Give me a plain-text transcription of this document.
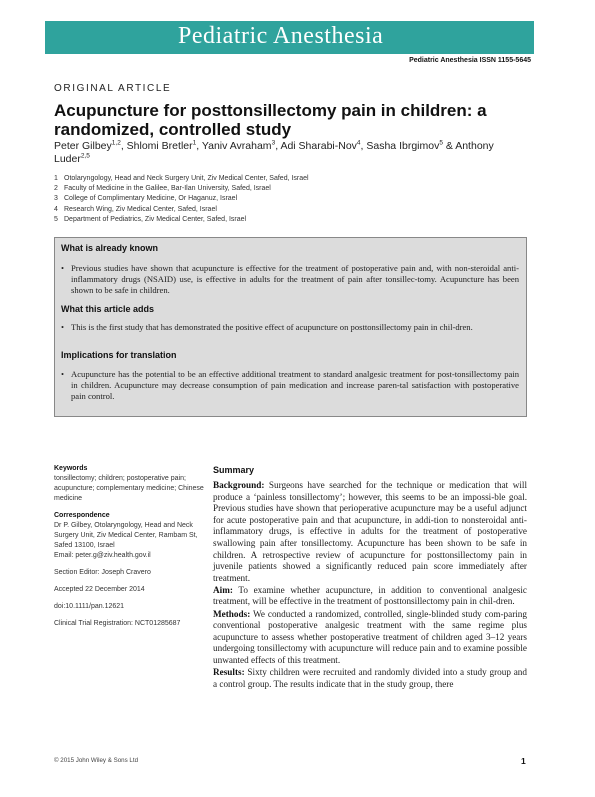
Pediatric Anesthesia
Pediatric Anesthesia ISSN 1155-5645
ORIGINAL ARTICLE
Acupuncture for posttonsillectomy pain in children: a randomized, controlled study
Peter Gilbey$^{1,2}$, Shlomi Bretler$^1$, Yaniv Avraham$^3$, Adi Sharabi-Nov$^4$, Sasha Ibrgimov$^5$ & Anthony Luder$^{2,5}$
1 Otolaryngology, Head and Neck Surgery Unit, Ziv Medical Center, Safed, Israel
2 Faculty of Medicine in the Galilee, Bar-Ilan University, Safed, Israel
3 College of Complimentary Medicine, Or Haganuz, Israel
4 Research Wing, Ziv Medical Center, Safed, Israel
5 Department of Pediatrics, Ziv Medical Center, Safed, Israel
What is already known
• Previous studies have shown that acupuncture is effective for the treatment of postoperative pain and, with non-steroidal anti-inflammatory drugs (NSAID) use, is effective in adults for the treatment of pain after tonsillec-tomy. Acupuncture has been shown to be safe in children.
What this article adds
• This is the first study that has demonstrated the positive effect of acupuncture on posttonsillectomy pain in chil-dren.
Implications for translation
• Acupuncture has the potential to be an effective additional treatment to standard analgesic treatment for post-tonsillectomy pain in children. Acupuncture may decrease consumption of pain medication and increase paren-tal satisfaction with postoperative pain control.
Keywords
tonsillectomy; children; postoperative pain; acupuncture; complementary medicine; Chinese medicine
Correspondence
Dr P. Gilbey, Otolaryngology, Head and Neck Surgery Unit, Ziv Medical Center, Rambam St, Safed 13100, Israel
Email: peter.g@ziv.health.gov.il
Section Editor: Joseph Cravero
Accepted 22 December 2014
doi:10.1111/pan.12621
Clinical Trial Registration: NCT01285687
Summary

Background: Surgeons have searched for the technique or medication that will produce a ‘painless tonsillectomy’; however, this seems to be an impossi-ble goal. Previous studies have shown that perioperative acupuncture may be a useful adjunct for acute postoperative pain and that acupuncture, in addi-tion to nonsteroidal anti-inflammatory drugs, is effective in adults for the treatment of postoperative swallowing pain after tonsillectomy. Acupuncture has been shown to be safe in children. A retrospective review of acupuncture for posttonsillectomy pain in juvenile patients showed a significantly reduced pain score immediately after treatment.

Aim: To examine whether acupuncture, in addition to conventional analgesic treatment, will be effective in the treatment of posttonsillectomy pain in chil-dren.

Methods: We conducted a randomized, controlled, single-blinded study com-paring conventional postoperative analgesic treatment with the same regime plus acupuncture to assess whether postoperative treatment of children aged 3–12 years undergoing tonsillectomy with acupuncture will reduce pain and to examine possible unwanted effects of this treatment.

Results: Sixty children were recruited and randomly divided into a study group and a control group. The results indicate that in the study group, there

© 2015 John Wiley & Sons Ltd	1
